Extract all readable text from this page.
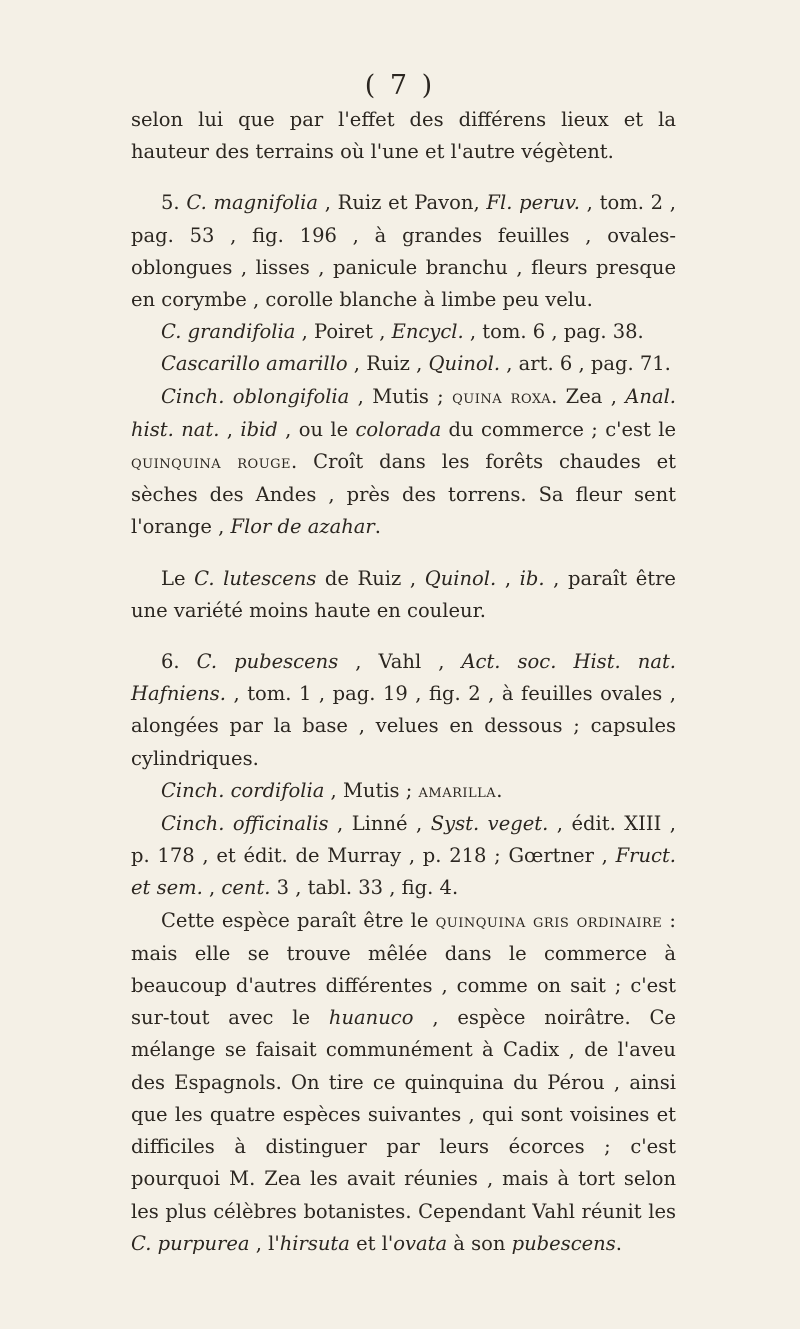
( 7 )

selon lui que par l'effet des différens lieux et la hauteur des terrains où l'une et l'autre végètent.

5. C. magnifolia , Ruiz et Pavon, Fl. peruv. , tom. 2 , pag. 53 , fig. 196 , à grandes feuilles , ovales-oblongues , lisses , panicule branchu , fleurs presque en corymbe , corolle blanche à limbe peu velu.

C. grandifolia , Poiret , Encycl. , tom. 6 , pag. 38.

Cascarillo amarillo , Ruiz , Quinol. , art. 6 , pag. 71.

Cinch. oblongifolia , Mutis ; quina roxa. Zea , Anal. hist. nat. , ibid , ou le colorada du commerce ; c'est le quinquina rouge. Croît dans les forêts chaudes et sèches des Andes , près des torrens. Sa fleur sent l'orange , Flor de azahar.

Le C. lutescens de Ruiz , Quinol. , ib. , paraît être une variété moins haute en couleur.

6. C. pubescens , Vahl , Act. soc. Hist. nat. Hafniens. , tom. 1 , pag. 19 , fig. 2 , à feuilles ovales , alongées par la base , velues en dessous ; capsules cylindriques.

Cinch. cordifolia , Mutis ; amarilla.

Cinch. officinalis , Linné , Syst. veget. , édit. XIII , p. 178 , et édit. de Murray , p. 218 ; Gœrtner , Fruct. et sem. , cent. 3 , tabl. 33 , fig. 4.

Cette espèce paraît être le quinquina gris ordinaire : mais elle se trouve mêlée dans le commerce à beaucoup d'autres différentes , comme on sait ; c'est sur-tout avec le huanuco , espèce noirâtre. Ce mélange se faisait communément à Cadix , de l'aveu des Espagnols. On tire ce quinquina du Pérou , ainsi que les quatre espèces suivantes , qui sont voisines et difficiles à distinguer par leurs écorces ; c'est pourquoi M. Zea les avait réunies , mais à tort selon les plus célèbres botanistes. Cependant Vahl réunit les C. purpurea , l'hirsuta et l'ovata à son pubescens.
